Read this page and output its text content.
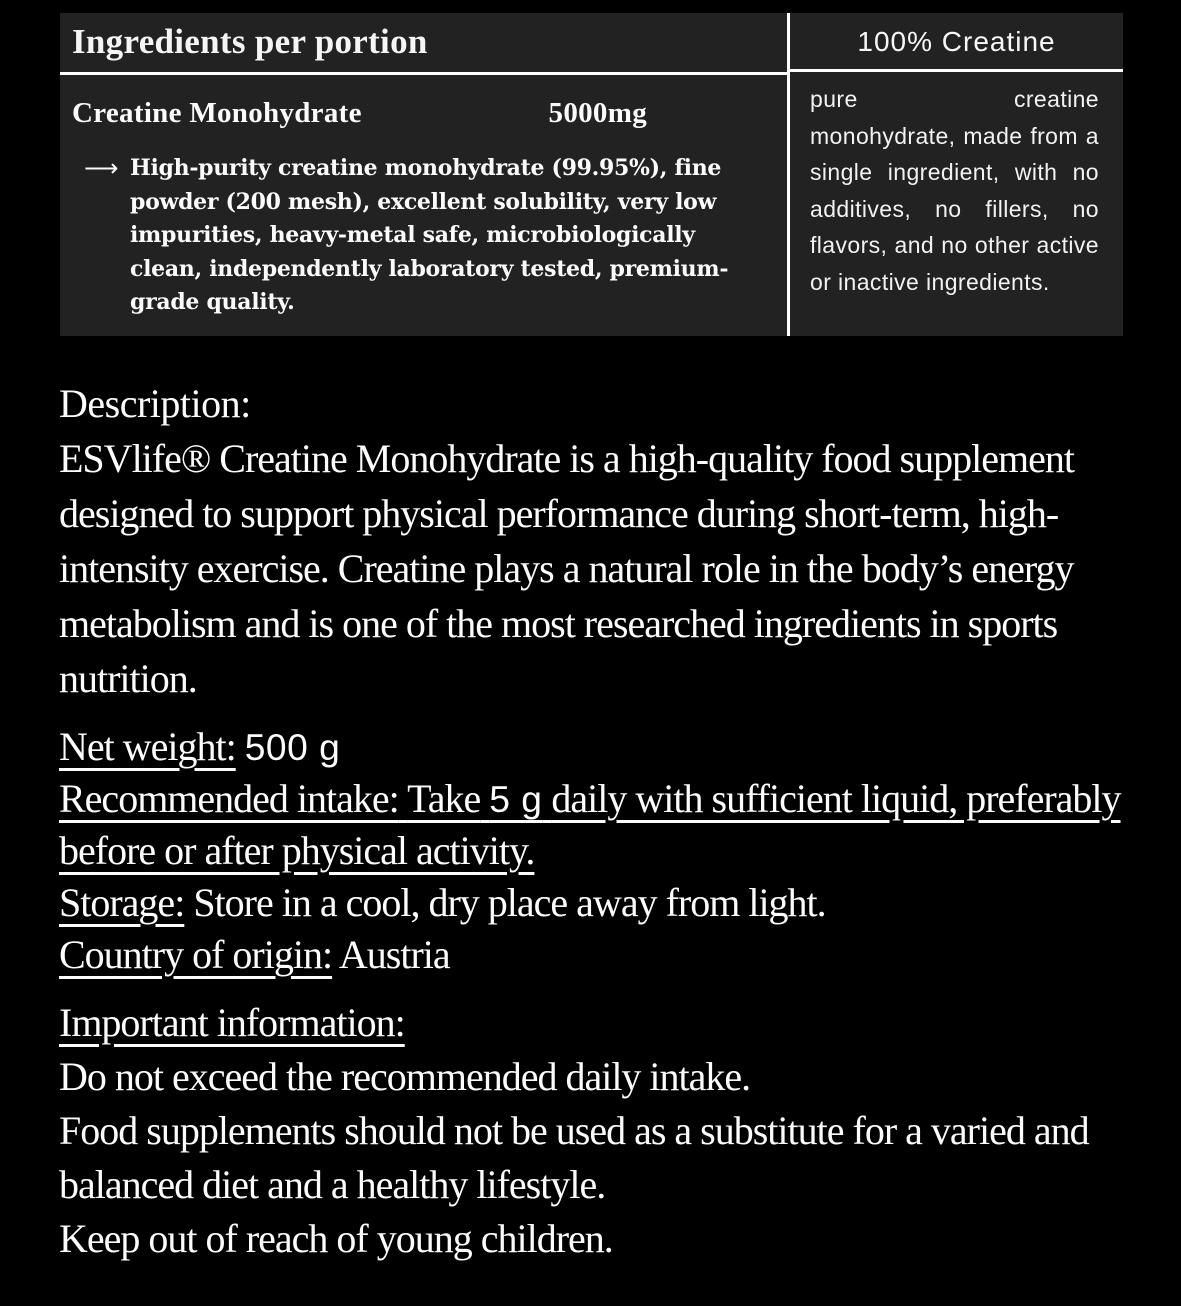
Ingredients per portion
Creatine Monohydrate	5000mg
⟶ High-purity creatine monohydrate (99.95%), fine powder (200 mesh), excellent solubility, very low impurities, heavy-metal safe, microbiologically clean, independently laboratory tested, premium-grade quality.
100% Creatine
pure creatine monohydrate, made from a single ingredient, with no additives, no fillers, no flavors, and no other active or inactive ingredients.
Description:
ESVlife® Creatine Monohydrate is a high-quality food supplement designed to support physical performance during short-term, high-intensity exercise. Creatine plays a natural role in the body’s energy metabolism and is one of the most researched ingredients in sports nutrition.
Net weight: 500 g
Recommended intake: Take 5 g daily with sufficient liquid, preferably before or after physical activity.
Storage: Store in a cool, dry place away from light.
Country of origin: Austria
Important information:
Do not exceed the recommended daily intake.
Food supplements should not be used as a substitute for a varied and balanced diet and a healthy lifestyle.
Keep out of reach of young children.
